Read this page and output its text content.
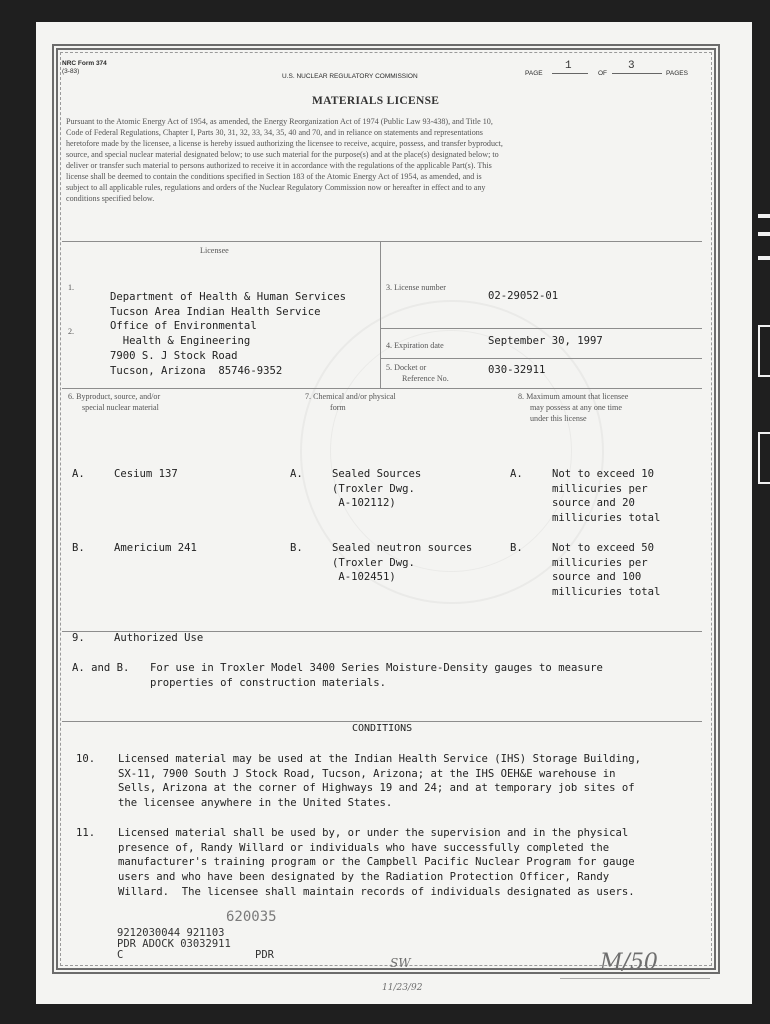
NRC Form 374
(3-83)
U.S. NUCLEAR REGULATORY COMMISSION	PAGE
1
OF
3
PAGES
MATERIALS LICENSE
Pursuant to the Atomic Energy Act of 1954, as amended, the Energy Reorganization Act of 1974 (Public Law 93-438), and Title 10,
Code of Federal Regulations, Chapter I, Parts 30, 31, 32, 33, 34, 35, 40 and 70, and in reliance on statements and representations
heretofore made by the licensee, a license is hereby issued authorizing the licensee to receive, acquire, possess, and transfer byproduct,
source, and special nuclear material designated below; to use such material for the purpose(s) and at the place(s) designated below; to
deliver or transfer such material to persons authorized to receive it in accordance with the regulations of the applicable Part(s). This
license shall be deemed to contain the conditions specified in Section 183 of the Atomic Energy Act of 1954, as amended, and is
subject to all applicable rules, regulations and orders of the Nuclear Regulatory Commission now or hereafter in effect and to any
conditions specified below.
Licensee
1.
2.
Department of Health & Human Services
Tucson Area Indian Health Service
Office of Environmental
Health & Engineering
7900 S. J Stock Road
Tucson, Arizona  85746-9352
3. License number
02-29052-01
4. Expiration date	September 30, 1997
5. Docket or
Reference No.
030-32911
6. Byproduct, source, and/or
special nuclear material
7. Chemical and/or physical
form
8. Maximum amount that licensee
may possess at any one time
under this license
A.	Cesium 137	A.	Sealed Sources
(Troxler Dwg.
A-102112)
A.	Not to exceed 10
millicuries per
source and 20
millicuries total
B.	Americium 241	B.	Sealed neutron sources
(Troxler Dwg.
A-102451)
B.	Not to exceed 50
millicuries per
source and 100
millicuries total
9.	Authorized Use
A. and B. For use in Troxler Model 3400 Series Moisture-Density gauges to measure
properties of construction materials.
CONDITIONS
10. Licensed material may be used at the Indian Health Service (IHS) Storage Building,
SX-11, 7900 South J Stock Road, Tucson, Arizona; at the IHS OEH&E warehouse in
Sells, Arizona at the corner of Highways 19 and 24; and at temporary job sites of
the licensee anywhere in the United States.
11. Licensed material shall be used by, or under the supervision and in the physical
presence of, Randy Willard or individuals who have successfully completed the
manufacturer's training program or the Campbell Pacific Nuclear Program for gauge
users and who have been designated by the Radiation Protection Officer, Randy
Willard.  The licensee shall maintain records of individuals designated as users.
620035
9212030044 921103
PDR ADOCK 03032911
C	PDR
SW
11/23/92
M/50
